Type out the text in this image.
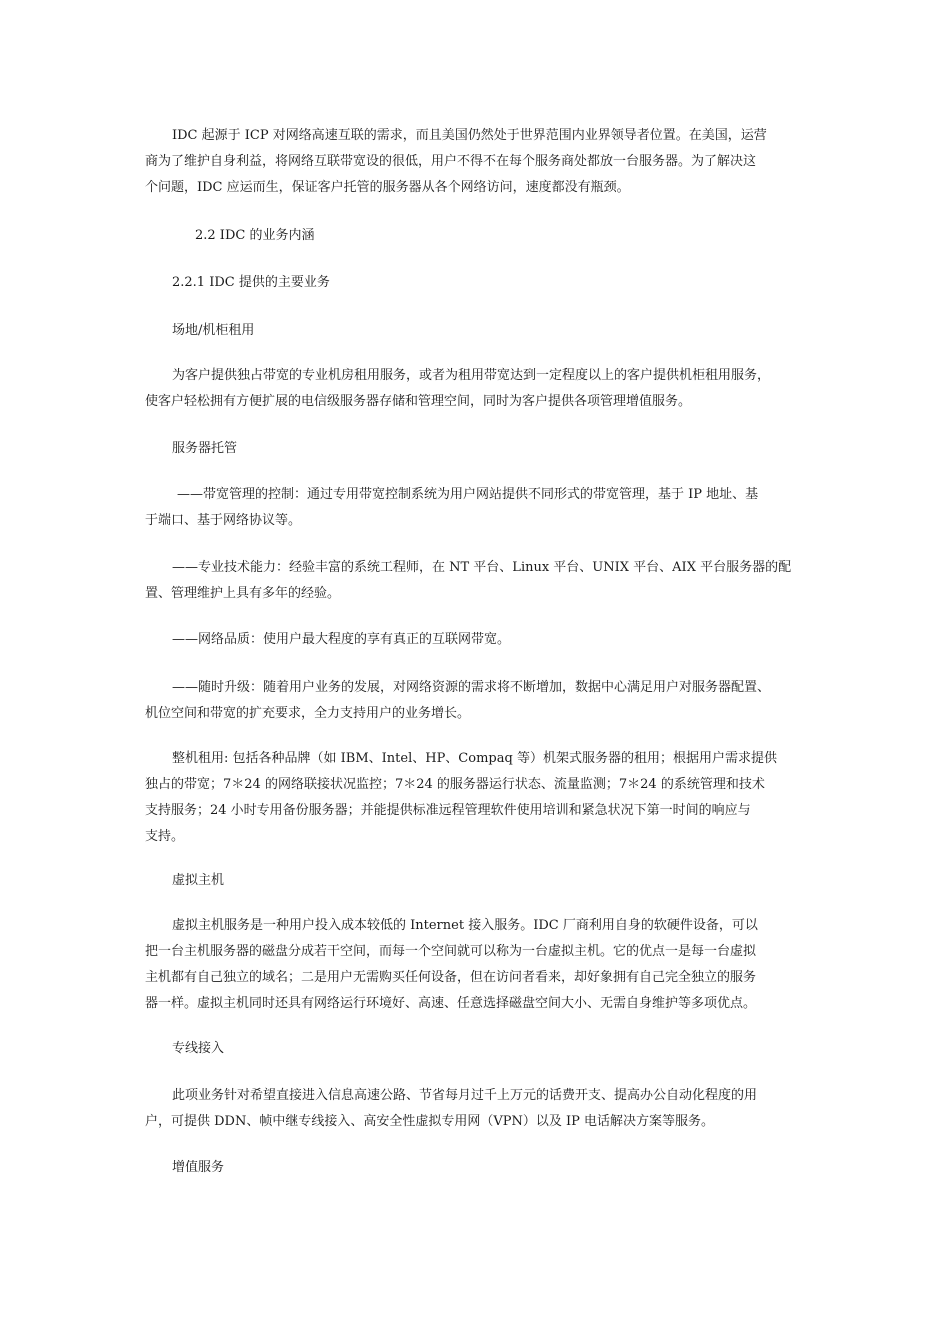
IDC 起源于 ICP 对网络高速互联的需求，而且美国仍然处于世界范围内业界领导者位置。在美国，运营
商为了维护自身利益，将网络互联带宽设的很低，用户不得不在每个服务商处都放一台服务器。为了解决这
个问题，IDC 应运而生，保证客户托管的服务器从各个网络访问，速度都没有瓶颈。
2.2 IDC 的业务内涵
2.2.1 IDC 提供的主要业务
场地/机柜租用
为客户提供独占带宽的专业机房租用服务，或者为租用带宽达到一定程度以上的客户提供机柜租用服务，
使客户轻松拥有方便扩展的电信级服务器存储和管理空间，同时为客户提供各项管理增值服务。
服务器托管
——带宽管理的控制：通过专用带宽控制系统为用户网站提供不同形式的带宽管理，基于 IP 地址、基
于端口、基于网络协议等。
——专业技术能力：经验丰富的系统工程师，在 NT 平台、Linux 平台、UNIX 平台、AIX 平台服务器的配
置、管理维护上具有多年的经验。
——网络品质：使用户最大程度的享有真正的互联网带宽。
——随时升级：随着用户业务的发展，对网络资源的需求将不断增加，数据中心满足用户对服务器配置、
机位空间和带宽的扩充要求，全力支持用户的业务增长。
整机租用: 包括各种品牌（如 IBM、Intel、HP、Compaq 等）机架式服务器的租用；根据用户需求提供
独占的带宽；7＊24 的网络联接状况监控；7＊24 的服务器运行状态、流量监测；7＊24 的系统管理和技术
支持服务；24 小时专用备份服务器；并能提供标准远程管理软件使用培训和紧急状况下第一时间的响应与
支持。
虚拟主机
虚拟主机服务是一种用户投入成本较低的 Internet 接入服务。IDC 厂商利用自身的软硬件设备，可以
把一台主机服务器的磁盘分成若干空间，而每一个空间就可以称为一台虚拟主机。它的优点一是每一台虚拟
主机都有自己独立的域名；二是用户无需购买任何设备，但在访问者看来，却好象拥有自己完全独立的服务
器一样。虚拟主机同时还具有网络运行环境好、高速、任意选择磁盘空间大小、无需自身维护等多项优点。
专线接入
此项业务针对希望直接进入信息高速公路、节省每月过千上万元的话费开支、提高办公自动化程度的用
户，可提供 DDN、帧中继专线接入、高安全性虚拟专用网（VPN）以及 IP 电话解决方案等服务。
增值服务
